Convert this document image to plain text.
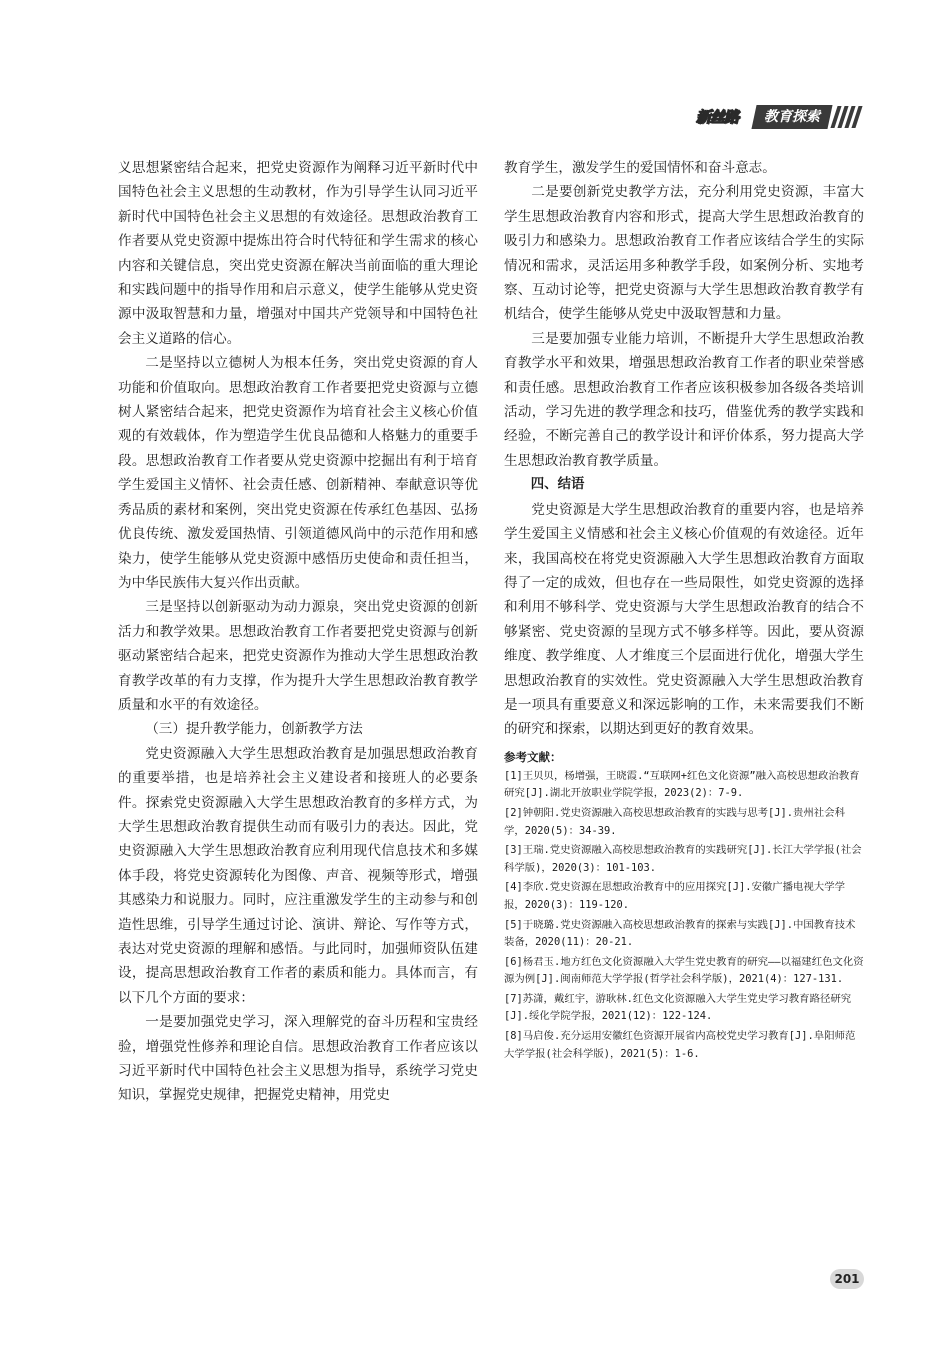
新丝路	教育探索

义思想紧密结合起来，把党史资源作为阐释习近平新时代中国特色社会主义思想的生动教材，作为引导学生认同习近平新时代中国特色社会主义思想的有效途径。思想政治教育工作者要从党史资源中提炼出符合时代特征和学生需求的核心内容和关键信息，突出党史资源在解决当前面临的重大理论和实践问题中的指导作用和启示意义，使学生能够从党史资源中汲取智慧和力量，增强对中国共产党领导和中国特色社会主义道路的信心。

二是坚持以立德树人为根本任务，突出党史资源的育人功能和价值取向。思想政治教育工作者要把党史资源与立德树人紧密结合起来，把党史资源作为培育社会主义核心价值观的有效载体，作为塑造学生优良品德和人格魅力的重要手段。思想政治教育工作者要从党史资源中挖掘出有利于培育学生爱国主义情怀、社会责任感、创新精神、奉献意识等优秀品质的素材和案例，突出党史资源在传承红色基因、弘扬优良传统、激发爱国热情、引领道德风尚中的示范作用和感染力，使学生能够从党史资源中感悟历史使命和责任担当，为中华民族伟大复兴作出贡献。

三是坚持以创新驱动为动力源泉，突出党史资源的创新活力和教学效果。思想政治教育工作者要把党史资源与创新驱动紧密结合起来，把党史资源作为推动大学生思想政治教育教学改革的有力支撑，作为提升大学生思想政治教育教学质量和水平的有效途径。

（三）提升教学能力，创新教学方法

党史资源融入大学生思想政治教育是加强思想政治教育的重要举措，也是培养社会主义建设者和接班人的必要条件。探索党史资源融入大学生思想政治教育的多样方式，为大学生思想政治教育提供生动而有吸引力的表达。因此，党史资源融入大学生思想政治教育应利用现代信息技术和多媒体手段，将党史资源转化为图像、声音、视频等形式，增强其感染力和说服力。同时，应注重激发学生的主动参与和创造性思维，引导学生通过讨论、演讲、辩论、写作等方式，表达对党史资源的理解和感悟。与此同时，加强师资队伍建设，提高思想政治教育工作者的素质和能力。具体而言，有以下几个方面的要求：

一是要加强党史学习，深入理解党的奋斗历程和宝贵经验，增强党性修养和理论自信。思想政治教育工作者应该以习近平新时代中国特色社会主义思想为指导，系统学习党史知识，掌握党史规律，把握党史精神，用党史

教育学生，激发学生的爱国情怀和奋斗意志。

二是要创新党史教学方法，充分利用党史资源，丰富大学生思想政治教育内容和形式，提高大学生思想政治教育的吸引力和感染力。思想政治教育工作者应该结合学生的实际情况和需求，灵活运用多种教学手段，如案例分析、实地考察、互动讨论等，把党史资源与大学生思想政治教育教学有机结合，使学生能够从党史中汲取智慧和力量。

三是要加强专业能力培训，不断提升大学生思想政治教育教学水平和效果，增强思想政治教育工作者的职业荣誉感和责任感。思想政治教育工作者应该积极参加各级各类培训活动，学习先进的教学理念和技巧，借鉴优秀的教学实践和经验，不断完善自己的教学设计和评价体系，努力提高大学生思想政治教育教学质量。

四、结语

党史资源是大学生思想政治教育的重要内容，也是培养学生爱国主义情感和社会主义核心价值观的有效途径。近年来，我国高校在将党史资源融入大学生思想政治教育方面取得了一定的成效，但也存在一些局限性，如党史资源的选择和利用不够科学、党史资源与大学生思想政治教育的结合不够紧密、党史资源的呈现方式不够多样等。因此，要从资源维度、教学维度、人才维度三个层面进行优化，增强大学生思想政治教育的实效性。党史资源融入大学生思想政治教育是一项具有重要意义和深远影响的工作，未来需要我们不断的研究和探索，以期达到更好的教育效果。

参考文献：
[1]王贝贝，杨增强，王晓霞.“互联网+红色文化资源”融入高校思想政治教育研究[J].湖北开放职业学院学报，2023(2)：7-9.
[2]钟朝阳.党史资源融入高校思想政治教育的实践与思考[J].贵州社会科学，2020(5)：34-39.
[3]王瑞.党史资源融入高校思想政治教育的实践研究[J].长江大学学报(社会科学版)，2020(3)：101-103.
[4]李欣.党史资源在思想政治教育中的应用探究[J].安徽广播电视大学学报，2020(3)：119-120.
[5]于晓璐.党史资源融入高校思想政治教育的探索与实践[J].中国教育技术装备，2020(11)：20-21.
[6]杨君玉.地方红色文化资源融入大学生党史教育的研究——以福建红色文化资源为例[J].闽南师范大学学报(哲学社会科学版)，2021(4)：127-131.
[7]苏潇，戴红宇，游耿林.红色文化资源融入大学生党史学习教育路径研究[J].绥化学院学报，2021(12)：122-124.
[8]马启俊.充分运用安徽红色资源开展省内高校党史学习教育[J].阜阳师范大学学报(社会科学版)，2021(5)：1-6.
201
